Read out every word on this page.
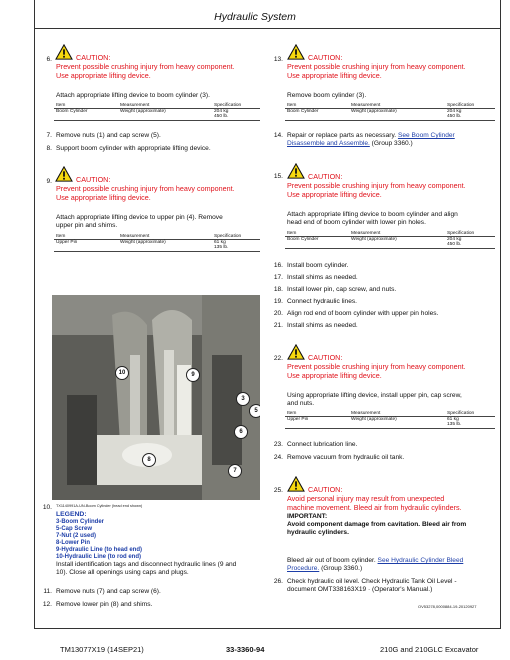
Hydraulic System
6.	CAUTION:
Prevent possible crushing injury from heavy component.
Use appropriate lifting device.
Attach appropriate lifting device to boom cylinder (3).
Item	Measurement	Specification
Boom Cylinder	Weight (approximate)	204 kg
450 lb.
7. Remove nuts (1) and cap screw (5).
8. Support boom cylinder with appropriate lifting device.
9.	CAUTION:
Prevent possible crushing injury from heavy component.
Use appropriate lifting device.
Attach appropriate lifting device to upper pin (4). Remove
upper pin and shims.
Item	Measurement	Specification
Upper Pin	Weight (approximate)	61 kg
135 lb.
10	9
3
5
6
8
7
10. TX1140991A-UN-Boom Cylinder (head end shown)
LEGEND:
3-Boom Cylinder
5-Cap Screw
7-Nut (2 used)
8-Lower Pin
9-Hydraulic Line (to head end)
10-Hydraulic Line (to rod end)
Install identification tags and disconnect hydraulic lines (9 and
10). Close all openings using caps and plugs.
11. Remove nuts (7) and cap screw (6).
12. Remove lower pin (8) and shims.
13.	CAUTION:
Prevent possible crushing injury from heavy component.
Use appropriate lifting device.
Remove boom cylinder (3).
Item	Measurement	Specification
Boom Cylinder	Weight (approximate)	204 kg
450 lb.
14. Repair or replace parts as necessary. See Boom Cylinder
Disassemble and Assemble. (Group 3360.)
15.	CAUTION:
Prevent possible crushing injury from heavy component.
Use appropriate lifting device.
Attach appropriate lifting device to boom cylinder and align
head end of boom cylinder with lower pin holes.
Item	Measurement	Specification
Boom Cylinder	Weight (approximate)	204 kg
450 lb.
16. Install boom cylinder.
17. Install shims as needed.
18. Install lower pin, cap screw, and nuts.
19. Connect hydraulic lines.
20. Align rod end of boom cylinder with upper pin holes.
21. Install shims as needed.
22.	CAUTION:
Prevent possible crushing injury from heavy component.
Use appropriate lifting device.
Using appropriate lifting device, install upper pin, cap screw,
and nuts.
Item	Measurement	Specification
Upper Pin	Weight (approximate)	61 kg
135 lb.
23. Connect lubrication line.
24. Remove vacuum from hydraulic oil tank.
25.	CAUTION:
Avoid personal injury may result from unexpected
machine movement. Bleed air from hydraulic cylinders.
IMPORTANT:
Avoid component damage from cavitation. Bleed air from
hydraulic cylinders.
Bleed air out of boom cylinder. See Hydraulic Cylinder Bleed
Procedure. (Group 3360.)
26. Check hydraulic oil level. Check Hydraulic Tank Oil Level -
document OMT338163X19 · (Operator's Manual.)
OV53278,0000884-19-20120927
TM13077X19 (14SEP21)	33-3360-94	210G and 210GLC Excavator
